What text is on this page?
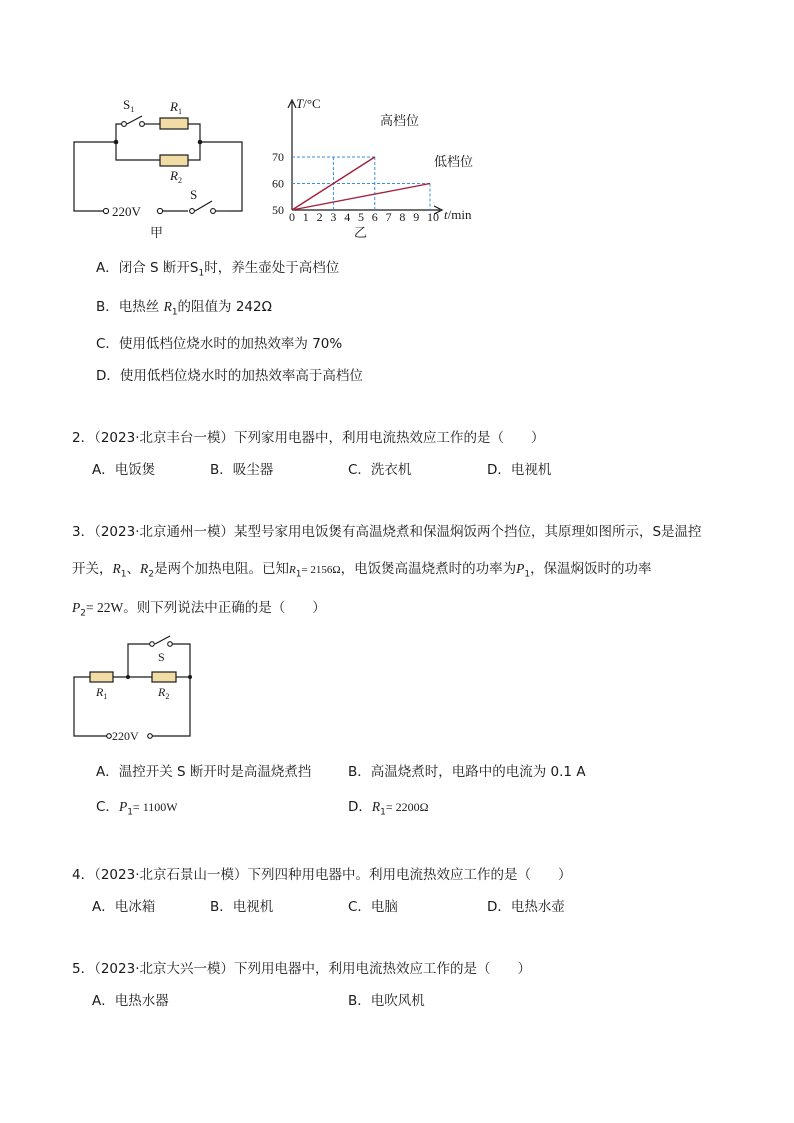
$S_1$	$R_1$
$R_2$
S
220V
甲
0 1 2 3 4 5 6 7 8 9 10
50
60
70
T/°C
t/min
高档位
低档位
乙
A．闭合 S 断开$S_1$时，养生壶处于高档位
B．电热丝 $R_1$的阻值为 242Ω
C．使用低档位烧水时的加热效率为 70%
D．使用低档位烧水时的加热效率高于高档位
2．（2023·北京丰台一模）下列家用电器中，利用电流热效应工作的是（　　）
A．电饭煲	B．吸尘器	C．洗衣机	D．电视机
3．（2023·北京通州一模）某型号家用电饭煲有高温烧煮和保温焖饭两个挡位，其原理如图所示，S是温控
开关，$R_1$、$R_2$是两个加热电阻。已知$R_1= 2156\Omega$，电饭煲高温烧煮时的功率为$P_1$，保温焖饭时的功率
$P_2= 22W$。则下列说法中正确的是（　　）
S
$R_1$	$R_2$
220V
A．温控开关 S 断开时是高温烧煮挡	B．高温烧煮时，电路中的电流为 0.1 A
C．$P_1= 1100W$	D．$R_1= 2200\Omega$
4．（2023·北京石景山一模）下列四种用电器中。利用电流热效应工作的是（　　）
A．电冰箱	B．电视机	C．电脑	D．电热水壶
5．（2023·北京大兴一模）下列用电器中，利用电流热效应工作的是（　　）
A．电热水器	B．电吹风机
